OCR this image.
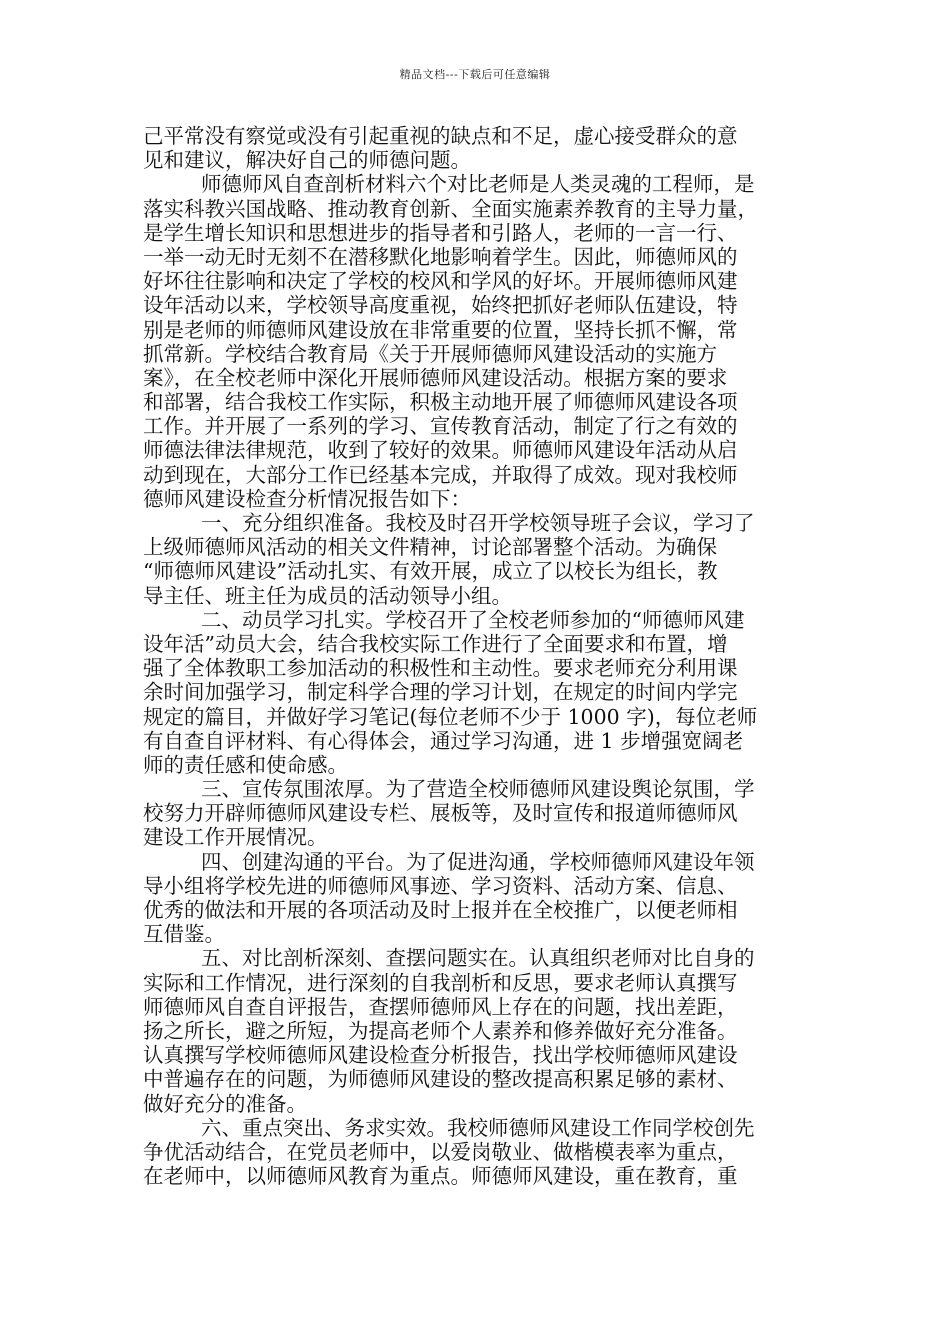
精品文档---下载后可任意编辑
己平常没有察觉或没有引起重视的缺点和不足，虚心接受群众的意
见和建议，解决好自己的师德问题。
师德师风自查剖析材料六个对比老师是人类灵魂的工程师，是
落实科教兴国战略、推动教育创新、全面实施素养教育的主导力量，
是学生增长知识和思想进步的指导者和引路人，老师的一言一行、
一举一动无时无刻不在潜移默化地影响着学生。因此，师德师风的
好坏往往影响和决定了学校的校风和学风的好坏。开展师德师风建
设年活动以来，学校领导高度重视，始终把抓好老师队伍建设，特
别是老师的师德师风建设放在非常重要的位置，坚持长抓不懈，常
抓常新。学校结合教育局《关于开展师德师风建设活动的实施方
案》，在全校老师中深化开展师德师风建设活动。根据方案的要求
和部署，结合我校工作实际，积极主动地开展了师德师风建设各项
工作。并开展了一系列的学习、宣传教育活动，制定了行之有效的
师德法律法律规范，收到了较好的效果。师德师风建设年活动从启
动到现在，大部分工作已经基本完成，并取得了成效。现对我校师
德师风建设检查分析情况报告如下：
一、充分组织准备。我校及时召开学校领导班子会议，学习了
上级师德师风活动的相关文件精神，讨论部署整个活动。为确保
“师德师风建设”活动扎实、有效开展，成立了以校长为组长，教
导主任、班主任为成员的活动领导小组。
二、动员学习扎实。学校召开了全校老师参加的“师德师风建
设年活”动员大会，结合我校实际工作进行了全面要求和布置，增
强了全体教职工参加活动的积极性和主动性。要求老师充分利用课
余时间加强学习，制定科学合理的学习计划，在规定的时间内学完
规定的篇目，并做好学习笔记(每位老师不少于 1000 字)，每位老师
有自查自评材料、有心得体会，通过学习沟通，进 1 步增强宽阔老
师的责任感和使命感。
三、宣传氛围浓厚。为了营造全校师德师风建设舆论氛围，学
校努力开辟师德师风建设专栏、展板等，及时宣传和报道师德师风
建设工作开展情况。
四、创建沟通的平台。为了促进沟通，学校师德师风建设年领
导小组将学校先进的师德师风事迹、学习资料、活动方案、信息、
优秀的做法和开展的各项活动及时上报并在全校推广，以便老师相
互借鉴。
五、对比剖析深刻、查摆问题实在。认真组织老师对比自身的
实际和工作情况，进行深刻的自我剖析和反思，要求老师认真撰写
师德师风自查自评报告，查摆师德师风上存在的问题，找出差距，
扬之所长，避之所短，为提高老师个人素养和修养做好充分准备。
认真撰写学校师德师风建设检查分析报告，找出学校师德师风建设
中普遍存在的问题，为师德师风建设的整改提高积累足够的素材、
做好充分的准备。
六、重点突出、务求实效。我校师德师风建设工作同学校创先
争优活动结合，在党员老师中，以爱岗敬业、做楷模表率为重点，
在老师中，以师德师风教育为重点。师德师风建设，重在教育，重
